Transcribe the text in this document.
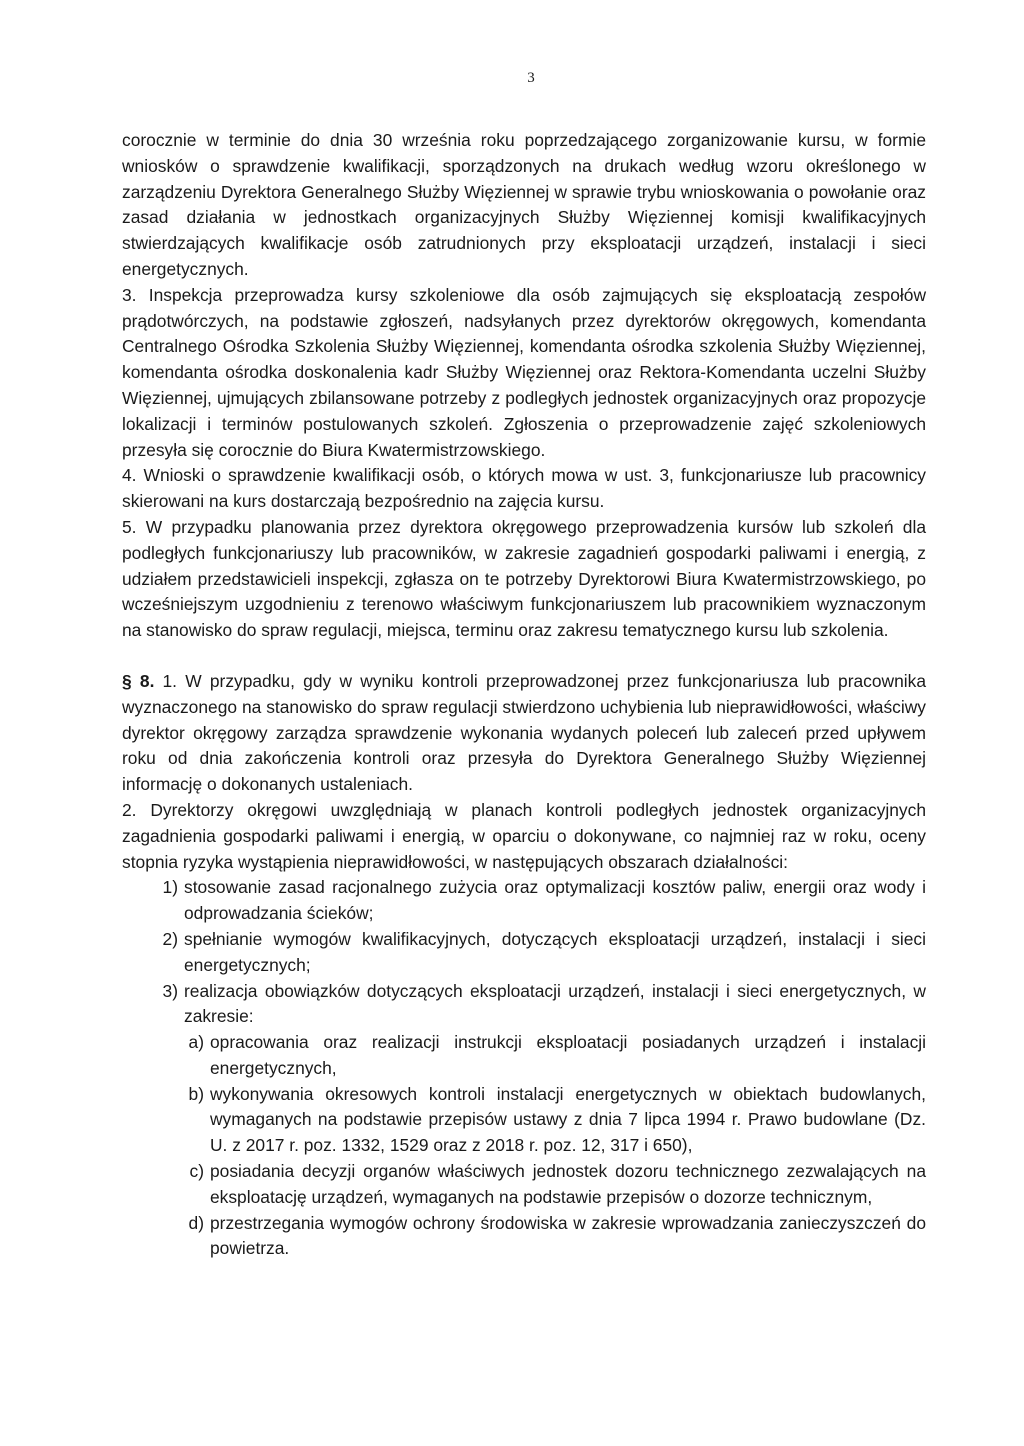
3

corocznie w terminie do dnia 30 września roku poprzedzającego zorganizowanie kursu, w formie wniosków o sprawdzenie kwalifikacji, sporządzonych na drukach według wzoru określonego w zarządzeniu Dyrektora Generalnego Służby Więziennej w sprawie trybu wnioskowania o powołanie oraz zasad działania w jednostkach organizacyjnych Służby Więziennej komisji kwalifikacyjnych stwierdzających kwalifikacje osób zatrudnionych przy eksploatacji urządzeń, instalacji i sieci energetycznych.

3. Inspekcja przeprowadza kursy szkoleniowe dla osób zajmujących się eksploatacją zespołów prądotwórczych, na podstawie zgłoszeń, nadsyłanych przez dyrektorów okręgowych, komendanta Centralnego Ośrodka Szkolenia Służby Więziennej, komendanta ośrodka szkolenia Służby Więziennej, komendanta ośrodka doskonalenia kadr Służby Więziennej oraz Rektora-Komendanta uczelni Służby Więziennej, ujmujących zbilansowane potrzeby z podległych jednostek organizacyjnych oraz propozycje lokalizacji i terminów postulowanych szkoleń. Zgłoszenia o przeprowadzenie zajęć szkoleniowych przesyła się corocznie do Biura Kwatermistrzowskiego.

4. Wnioski o sprawdzenie kwalifikacji osób, o których mowa w ust. 3, funkcjonariusze lub pracownicy skierowani na kurs dostarczają bezpośrednio na zajęcia kursu.

5. W przypadku planowania przez dyrektora okręgowego przeprowadzenia kursów lub szkoleń dla podległych funkcjonariuszy lub pracowników, w zakresie zagadnień gospodarki paliwami i energią, z udziałem przedstawicieli inspekcji, zgłasza on te potrzeby Dyrektorowi Biura Kwatermistrzowskiego, po wcześniejszym uzgodnieniu z terenowo właściwym funkcjonariuszem lub pracownikiem wyznaczonym na stanowisko do spraw regulacji, miejsca, terminu oraz zakresu tematycznego kursu lub szkolenia.

§ 8. 1. W przypadku, gdy w wyniku kontroli przeprowadzonej przez funkcjonariusza lub pracownika wyznaczonego na stanowisko do spraw regulacji stwierdzono uchybienia lub nieprawidłowości, właściwy dyrektor okręgowy zarządza sprawdzenie wykonania wydanych poleceń lub zaleceń przed upływem roku od dnia zakończenia kontroli oraz przesyła do Dyrektora Generalnego Służby Więziennej informację o dokonanych ustaleniach.

2. Dyrektorzy okręgowi uwzględniają w planach kontroli podległych jednostek organizacyjnych zagadnienia gospodarki paliwami i energią, w oparciu o dokonywane, co najmniej raz w roku, oceny stopnia ryzyka wystąpienia nieprawidłowości, w następujących obszarach działalności:

1) stosowanie zasad racjonalnego zużycia oraz optymalizacji kosztów paliw, energii oraz wody i odprowadzania ścieków;
2) spełnianie wymogów kwalifikacyjnych, dotyczących eksploatacji urządzeń, instalacji i sieci energetycznych;
3) realizacja obowiązków dotyczących eksploatacji urządzeń, instalacji i sieci energetycznych, w zakresie:
a) opracowania oraz realizacji instrukcji eksploatacji posiadanych urządzeń i instalacji energetycznych,
b) wykonywania okresowych kontroli instalacji energetycznych w obiektach budowlanych, wymaganych na podstawie przepisów ustawy z dnia 7 lipca 1994 r. Prawo budowlane (Dz. U. z 2017 r. poz. 1332, 1529 oraz z 2018 r. poz. 12, 317 i 650),
c) posiadania decyzji organów właściwych jednostek dozoru technicznego zezwalających na eksploatację urządzeń, wymaganych na podstawie przepisów o dozorze technicznym,
d) przestrzegania wymogów ochrony środowiska w zakresie wprowadzania zanieczyszczeń do powietrza.
